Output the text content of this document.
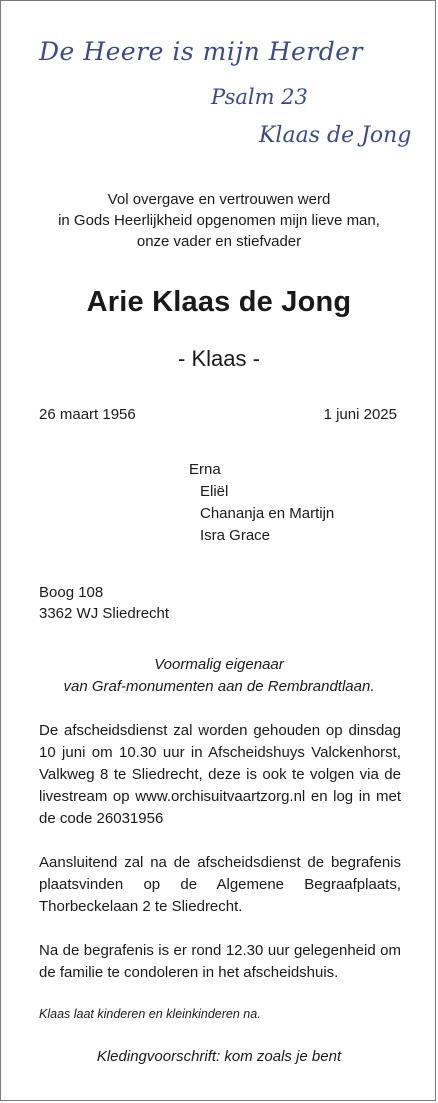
De Heere is mijn Herder
Psalm 23
Klaas de Jong
Vol overgave en vertrouwen werd
in Gods Heerlijkheid opgenomen mijn lieve man,
onze vader en stiefvader
Arie Klaas de Jong
- Klaas -
26 maart 1956	1 juni 2025
Erna
Eliël
Chananja en Martijn
Isra Grace
Boog 108
3362 WJ Sliedrecht
Voormalig eigenaar
van Graf-monumenten aan de Rembrandtlaan.
De afscheidsdienst zal worden gehouden op dinsdag 10 juni om 10.30 uur in Afscheidshuys Valckenhorst, Valkweg 8 te Sliedrecht, deze is ook te volgen via de livestream op www.orchisuitvaartzorg.nl en log in met de code 26031956
Aansluitend zal na de afscheidsdienst de begrafenis plaatsvinden op de Algemene Begraafplaats, Thorbeckelaan 2 te Sliedrecht.
Na de begrafenis is er rond 12.30 uur gelegenheid om de familie te condoleren in het afscheidshuis.
Klaas laat kinderen en kleinkinderen na.
Kledingvoorschrift: kom zoals je bent
